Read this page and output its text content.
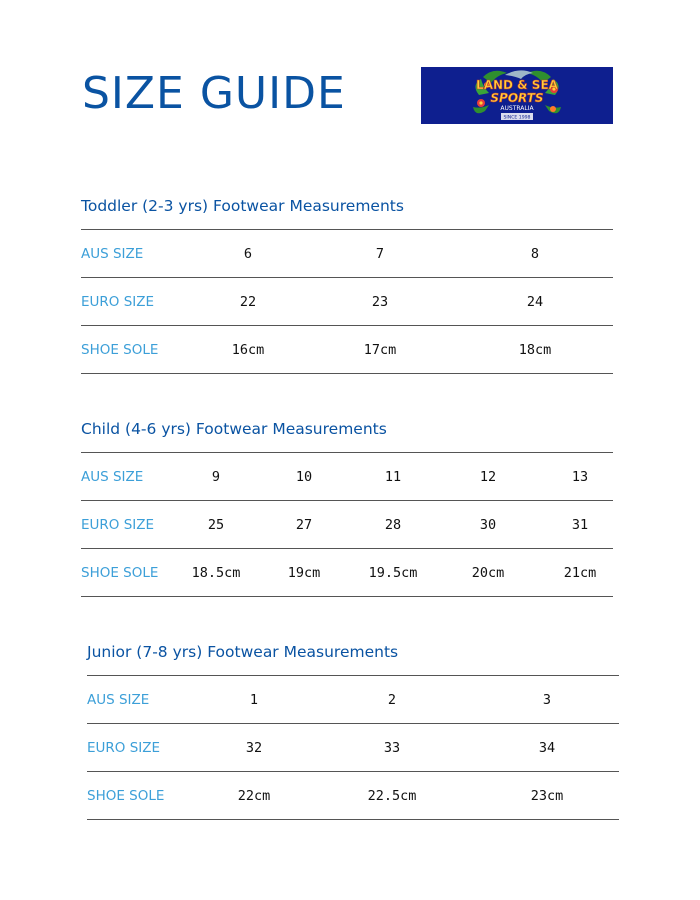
SIZE GUIDE	LAND & SEA
SPORTS
AUSTRALIA
SINCE 1998
Toddler (2-3 yrs) Footwear Measurements
AUS SIZE	6	7	8
EURO SIZE	22	23	24
SHOE SOLE	16cm	17cm	18cm
Child (4-6 yrs) Footwear Measurements
AUS SIZE	9	10	11	12	13
EURO SIZE	25	27	28	30	31
SHOE SOLE	18.5cm	19cm	19.5cm	20cm	21cm
Junior (7-8 yrs) Footwear Measurements
AUS SIZE	1	2	3
EURO SIZE	32	33	34
SHOE SOLE	22cm	22.5cm	23cm
